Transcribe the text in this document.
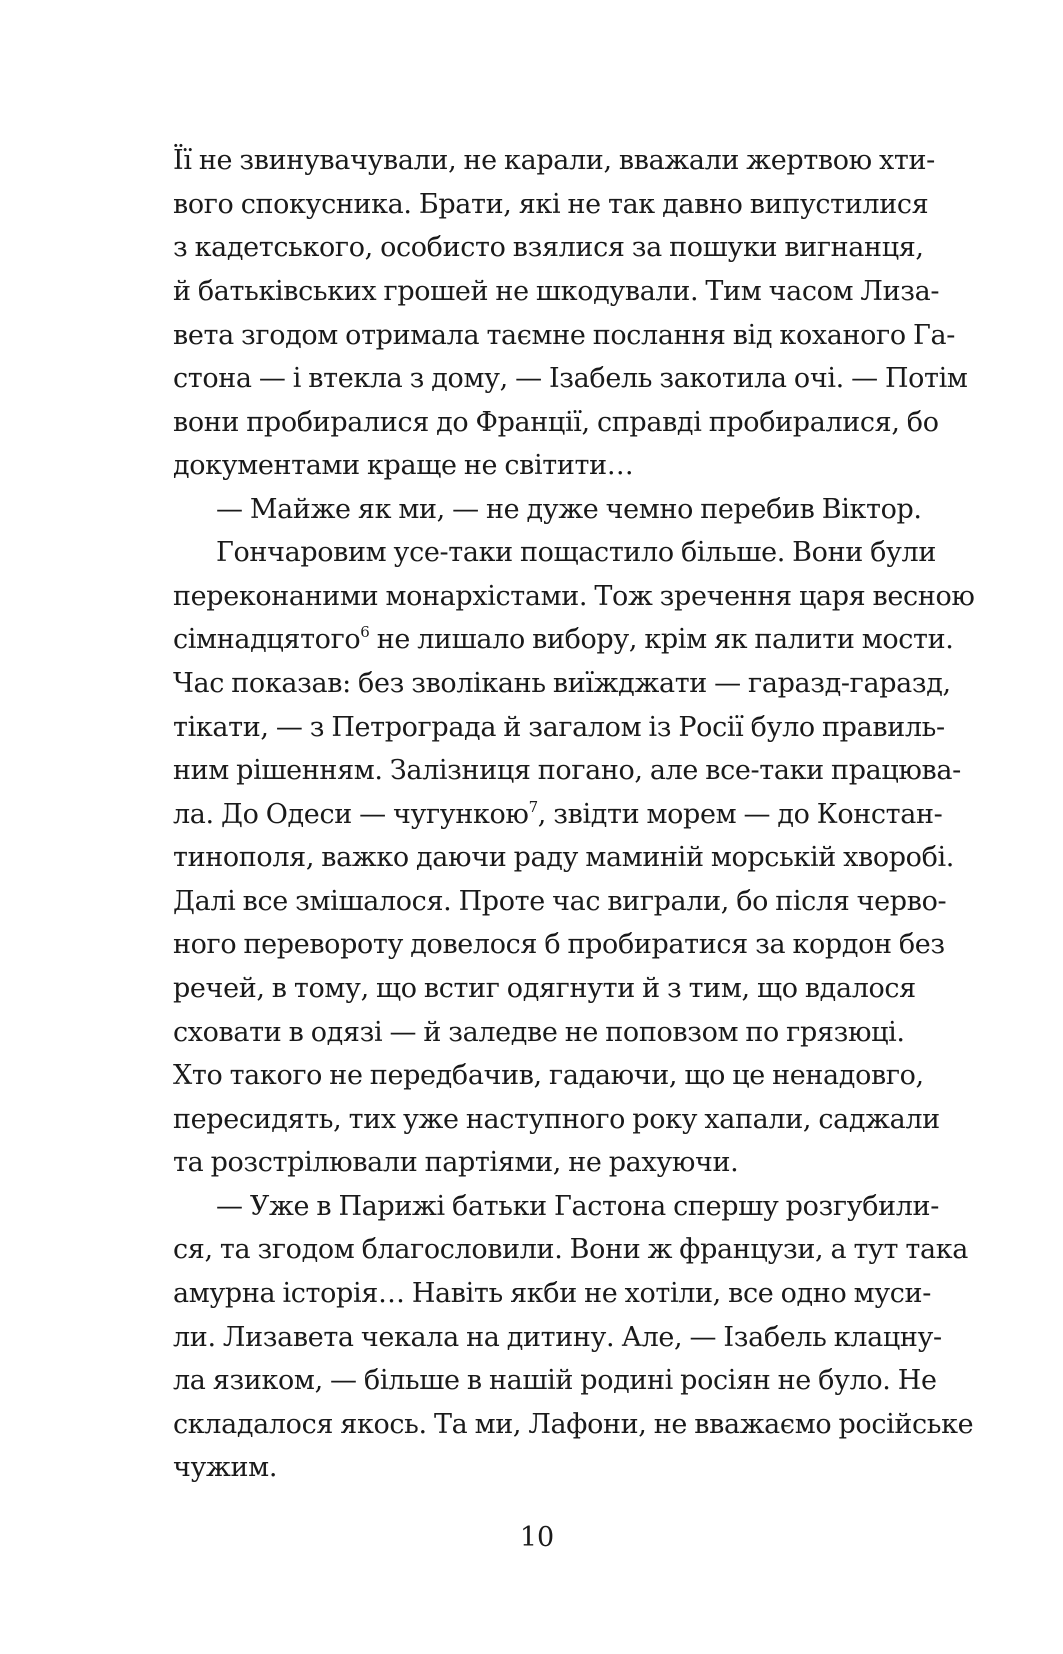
Її не звинувачували, не карали, вважали жертвою хти-
вого спокусника. Брати, які не так давно випустилися
з кадетського, особисто взялися за пошуки вигнанця,
й батьківських грошей не шкодували. Тим часом Лиза-
вета згодом отримала таємне послання від коханого Га-
стона — і втекла з дому, — Ізабель закотила очі. — Потім
вони пробиралися до Франції, справді пробиралися, бо
документами краще не світити…
— Майже як ми, — не дуже чемно перебив Віктор.
Гончаровим усе-таки пощастило більше. Вони були
переконаними монархістами. Тож зречення царя весною
сімнадцятого$^6$ не лишало вибору, крім як палити мости.
Час показав: без зволікань виїжджати — гаразд-гаразд,
тікати, — з Петрограда й загалом із Росії було правиль-
ним рішенням. Залізниця погано, але все-таки працюва-
ла. До Одеси — чугункою$^7$, звідти морем — до Констан-
тинополя, важко даючи раду маминій морській хворобі.
Далі все змішалося. Проте час виграли, бо після черво-
ного перевороту довелося б пробиратися за кордон без
речей, в тому, що встиг одягнути й з тим, що вдалося
сховати в одязі — й заледве не поповзом по грязюці.
Хто такого не передбачив, гадаючи, що це ненадовго,
пересидять, тих уже наступного року хапали, саджали
та розстрілювали партіями, не рахуючи.
— Уже в Парижі батьки Гастона спершу розгубили-
ся, та згодом благословили. Вони ж французи, а тут така
амурна історія… Навіть якби не хотіли, все одно муси-
ли. Лизавета чекала на дитину. Але, — Ізабель клацну-
ла язиком, — більше в нашій родині росіян не було. Не
складалося якось. Та ми, Лафони, не вважаємо російське
чужим.
10
